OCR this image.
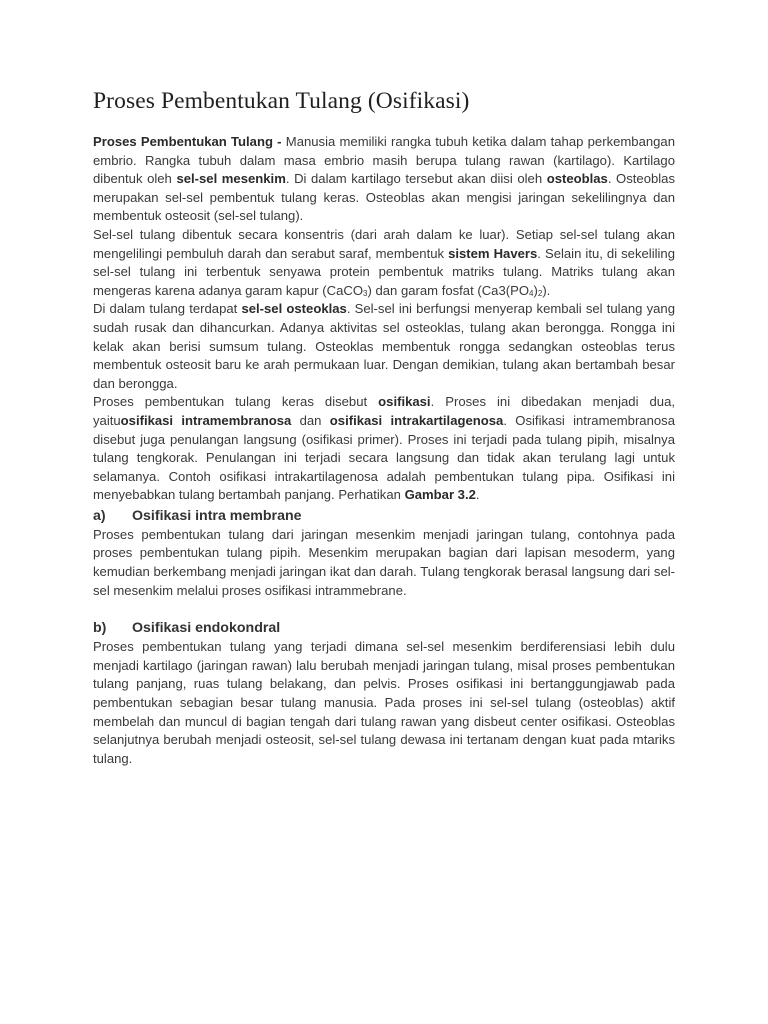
Proses Pembentukan Tulang (Osifikasi)

Proses Pembentukan Tulang - Manusia memiliki rangka tubuh ketika dalam tahap perkembangan embrio. Rangka tubuh dalam masa embrio masih berupa tulang rawan (kartilago). Kartilago dibentuk oleh sel-sel mesenkim. Di dalam kartilago tersebut akan diisi oleh osteoblas. Osteoblas merupakan sel-sel pembentuk tulang keras. Osteoblas akan mengisi jaringan sekelilingnya dan membentuk osteosit (sel-sel tulang).

Sel-sel tulang dibentuk secara konsentris (dari arah dalam ke luar). Setiap sel-sel tulang akan mengelilingi pembuluh darah dan serabut saraf, membentuk sistem Havers. Selain itu, di sekeliling sel-sel tulang ini terbentuk senyawa protein pembentuk matriks tulang. Matriks tulang akan mengeras karena adanya garam kapur (CaCO$_3$) dan garam fosfat $(Ca3(PO_4)_2)$.

Di dalam tulang terdapat sel-sel osteoklas. Sel-sel ini berfungsi menyerap kembali sel tulang yang sudah rusak dan dihancurkan. Adanya aktivitas sel osteoklas, tulang akan berongga. Rongga ini kelak akan berisi sumsum tulang. Osteoklas membentuk rongga sedangkan osteoblas terus membentuk osteosit baru ke arah permukaan luar. Dengan demikian, tulang akan bertambah besar dan berongga.

Proses pembentukan tulang keras disebut osifikasi. Proses ini dibedakan menjadi dua, yaituosifikasi intramembranosa dan osifikasi intrakartilagenosa. Osifikasi intramembranosa disebut juga penulangan langsung (osifikasi primer). Proses ini terjadi pada tulang pipih, misalnya tulang tengkorak. Penulangan ini terjadi secara langsung dan tidak akan terulang lagi untuk selamanya. Contoh osifikasi intrakartilagenosa adalah pembentukan tulang pipa. Osifikasi ini menyebabkan tulang bertambah panjang. Perhatikan Gambar 3.2.

a) Osifikasi intra membrane

Proses pembentukan tulang dari jaringan mesenkim menjadi jaringan tulang, contohnya pada proses pembentukan tulang pipih. Mesenkim merupakan bagian dari lapisan mesoderm, yang kemudian berkembang menjadi jaringan ikat dan darah. Tulang tengkorak berasal langsung dari sel-sel mesenkim melalui proses osifikasi intrammebrane.

b) Osifikasi endokondral

Proses pembentukan tulang yang terjadi dimana sel-sel mesenkim berdiferensiasi lebih dulu menjadi kartilago (jaringan rawan) lalu berubah menjadi jaringan tulang, misal proses pembentukan tulang panjang, ruas tulang belakang, dan pelvis. Proses osifikasi ini bertanggungjawab pada pembentukan sebagian besar tulang manusia. Pada proses ini sel-sel tulang (osteoblas) aktif membelah dan muncul di bagian tengah dari tulang rawan yang disbeut center osifikasi. Osteoblas selanjutnya berubah menjadi osteosit, sel-sel tulang dewasa ini tertanam dengan kuat pada mtariks tulang.
